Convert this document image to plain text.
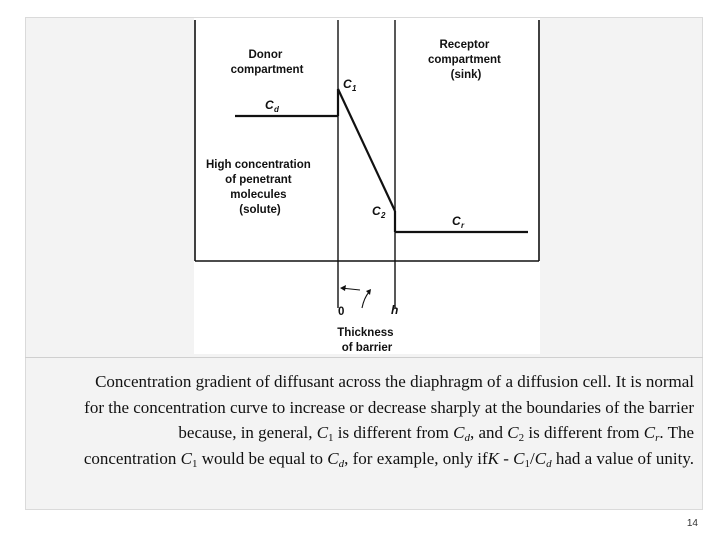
Donor compartment
Receptor compartment (sink)
High concentration of penetrant molecules (solute)
Thickness of barrier
C d
C 1
C 2	C r
0	h
Concentration gradient of diffusant across the diaphragm of a diffusion cell. It is normal
for the concentration curve to increase or decrease sharply at the boundaries of the barrier
because, in general, $C_1$ is different from $C_d$, and $C_2$ is different from $C_r$. The
concentration $C_1$ would be equal to $C_d$, for example, only ifK - $C_1/C_d$ had a value of unity.
14
